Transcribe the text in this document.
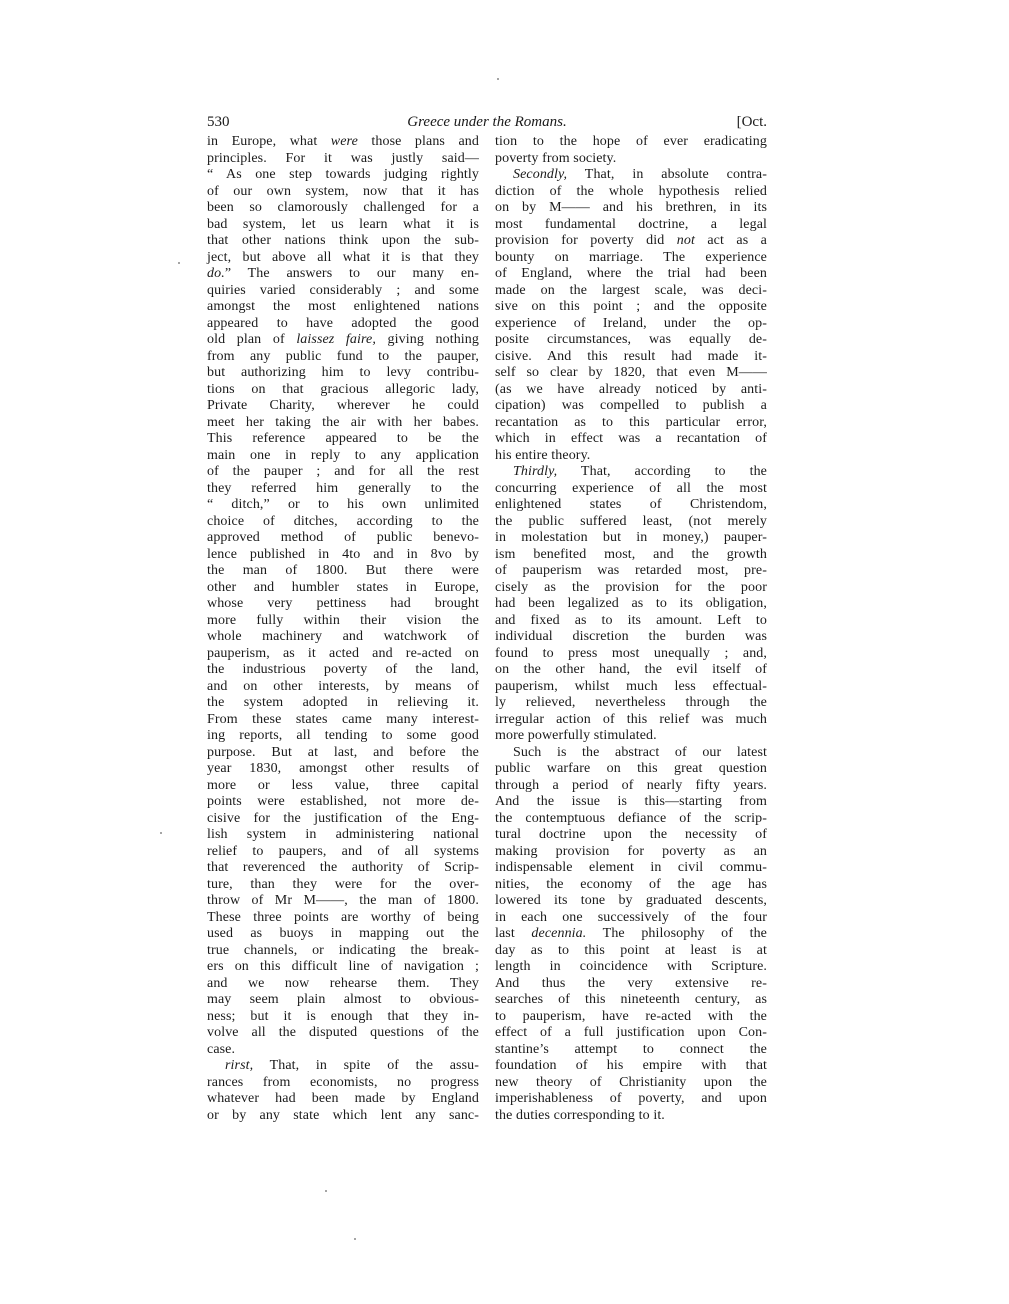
530	Greece under the Romans.	[Oct.
in Europe, what were those plans and
principles. For it was justly said—
“ As one step towards judging rightly
of our own system, now that it has
been so clamorously challenged for a
bad system, let us learn what it is
that other nations think upon the sub-
ject, but above all what it is that they
do.” The answers to our many en-
quiries varied considerably ; and some
amongst the most enlightened nations
appeared to have adopted the good
old plan of laissez faire, giving nothing
from any public fund to the pauper,
but authorizing him to levy contribu-
tions on that gracious allegoric lady,
Private Charity, wherever he could
meet her taking the air with her babes.
This reference appeared to be the
main one in reply to any application
of the pauper ; and for all the rest
they referred him generally to the
“ ditch,” or to his own unlimited
choice of ditches, according to the
approved method of public benevo-
lence published in 4to and in 8vo by
the man of 1800. But there were
other and humbler states in Europe,
whose very pettiness had brought
more fully within their vision the
whole machinery and watchwork of
pauperism, as it acted and re-acted on
the industrious poverty of the land,
and on other interests, by means of
the system adopted in relieving it.
From these states came many interest-
ing reports, all tending to some good
purpose. But at last, and before the
year 1830, amongst other results of
more or less value, three capital
points were established, not more de-
cisive for the justification of the Eng-
lish system in administering national
relief to paupers, and of all systems
that reverenced the authority of Scrip-
ture, than they were for the over-
throw of Mr M——, the man of 1800.
These three points are worthy of being
used as buoys in mapping out the
true channels, or indicating the break-
ers on this difficult line of navigation ;
and we now rehearse them. They
may seem plain almost to obvious-
ness; but it is enough that they in-
volve all the disputed questions of the
case.
rirst, That, in spite of the assu-
rances from economists, no progress
whatever had been made by England
or by any state which lent any sanc-
tion to the hope of ever eradicating
poverty from society.
Secondly, That, in absolute contra-
diction of the whole hypothesis relied
on by M—— and his brethren, in its
most fundamental doctrine, a legal
provision for poverty did not act as a
bounty on marriage. The experience
of England, where the trial had been
made on the largest scale, was deci-
sive on this point ; and the opposite
experience of Ireland, under the op-
posite circumstances, was equally de-
cisive. And this result had made it-
self so clear by 1820, that even M——
(as we have already noticed by anti-
cipation) was compelled to publish a
recantation as to this particular error,
which in effect was a recantation of
his entire theory.
Thirdly, That, according to the
concurring experience of all the most
enlightened states of Christendom,
the public suffered least, (not merely
in molestation but in money,) pauper-
ism benefited most, and the growth
of pauperism was retarded most, pre-
cisely as the provision for the poor
had been legalized as to its obligation,
and fixed as to its amount. Left to
individual discretion the burden was
found to press most unequally ; and,
on the other hand, the evil itself of
pauperism, whilst much less effectual-
ly relieved, nevertheless through the
irregular action of this relief was much
more powerfully stimulated.
Such is the abstract of our latest
public warfare on this great question
through a period of nearly fifty years.
And the issue is this—starting from
the contemptuous defiance of the scrip-
tural doctrine upon the necessity of
making provision for poverty as an
indispensable element in civil commu-
nities, the economy of the age has
lowered its tone by graduated descents,
in each one successively of the four
last decennia. The philosophy of the
day as to this point at least is at
length in coincidence with Scripture.
And thus the very extensive re-
searches of this nineteenth century, as
to pauperism, have re-acted with the
effect of a full justification upon Con-
stantine’s attempt to connect the
foundation of his empire with that
new theory of Christianity upon the
imperishableness of poverty, and upon
the duties corresponding to it.
